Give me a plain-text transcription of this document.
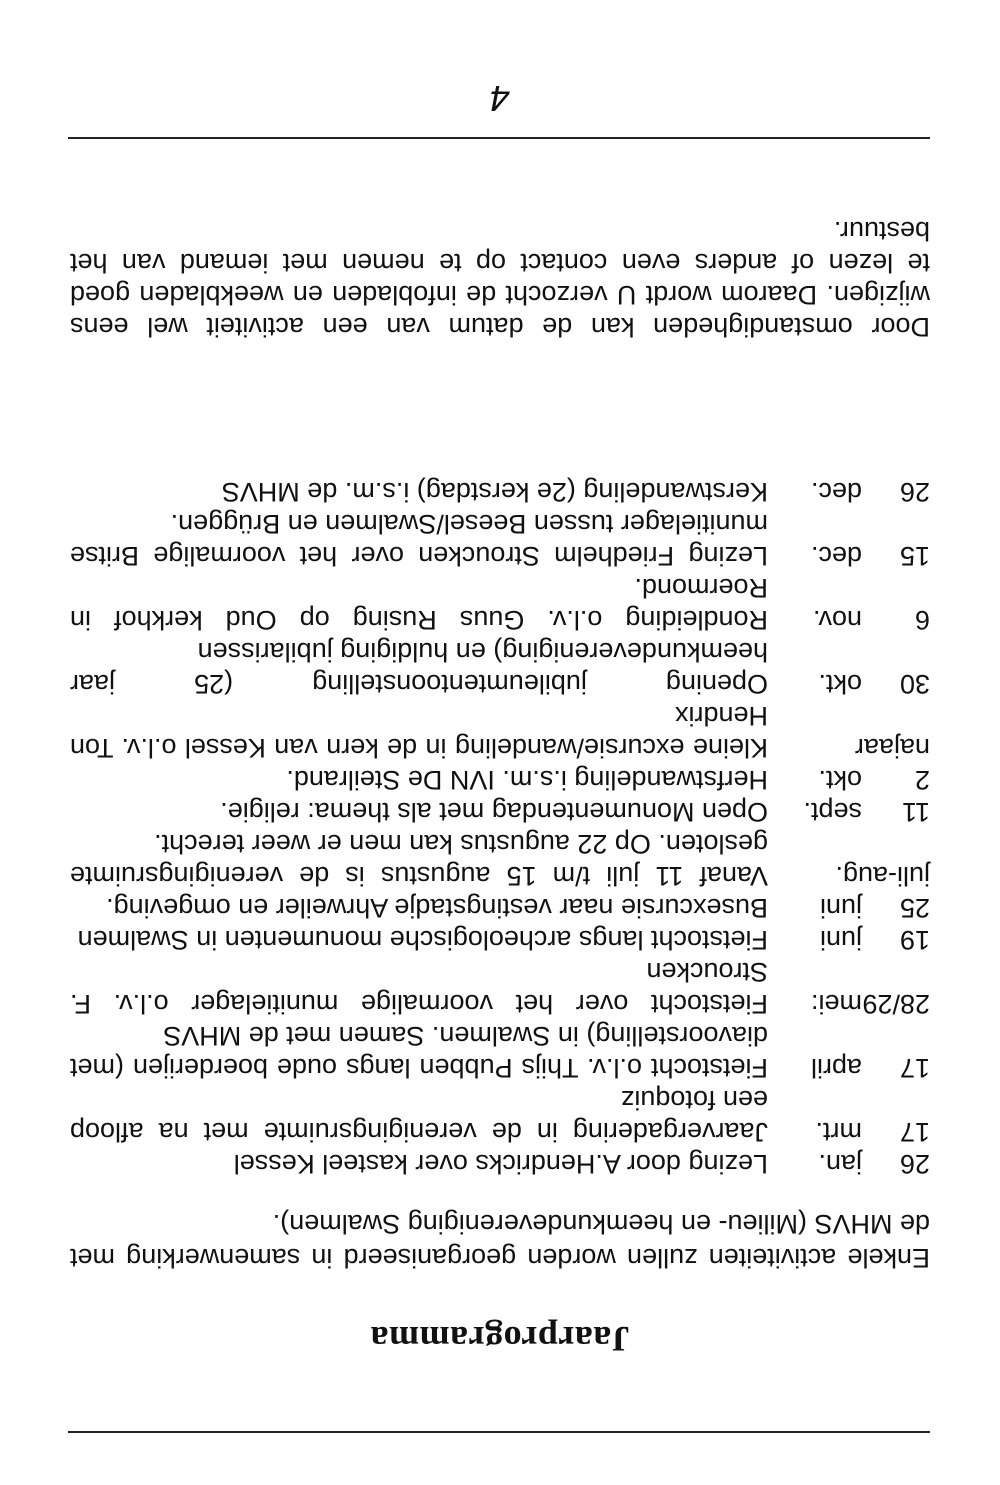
Jaarprogramma
Enkele activiteiten zullen worden georganiseerd in samenwerking met de MHVS (Milieu- en heemkundevereniging Swalmen).
26
jan.
Lezing door A.Hendricks over kasteel Kessel
17
mrt.
Jaarvergadering in de verenigingsruimte met na afloop een fotoquiz
17
april
Fietstocht o.l.v. Thijs Pubben langs oude boerderijen (met diavoorstelling) in Swalmen. Samen met de MHVS
28/29
mei:
Fietstocht over het voormalige munitielager o.l.v. F. Stroucken
19
juni
Fietstocht langs archeologische monumenten in Swalmen
25
juni
Busexcursie naar vestingstadje Ahrweiler en omgeving.
juli-aug.
Vanaf 11 juli t/m 15 augustus is de verenigingsruimte gesloten. Op 22 augustus kan men er weer terecht.
11
sept.
Open Monumentendag met als thema: religie.
2
okt.
Herfstwandeling i.s.m. IVN De Steilrand.
najaar
Kleine excursie/wandeling in de kern van Kessel o.l.v. Ton Hendrix
30
okt.
Opening jubileumtentoonstelling (25 jaar heemkundevereniging) en huldiging jubilarissen
6
nov.
Rondleiding o.l.v. Guus Rusing op Oud kerkhof in Roermond.
15
dec.
Lezing Friedhelm Stroucken over het voormalige Britse munitielager tussen Beesel/Swalmen en Brüggen.
26
dec.
Kerstwandeling (2e kerstdag) i.s.m. de MHVS
Door omstandigheden kan de datum van een activiteit wel eens wijzigen. Daarom wordt U verzocht de infobladen en weekbladen goed te lezen of anders even contact op te nemen met iemand van het bestuur.
4
